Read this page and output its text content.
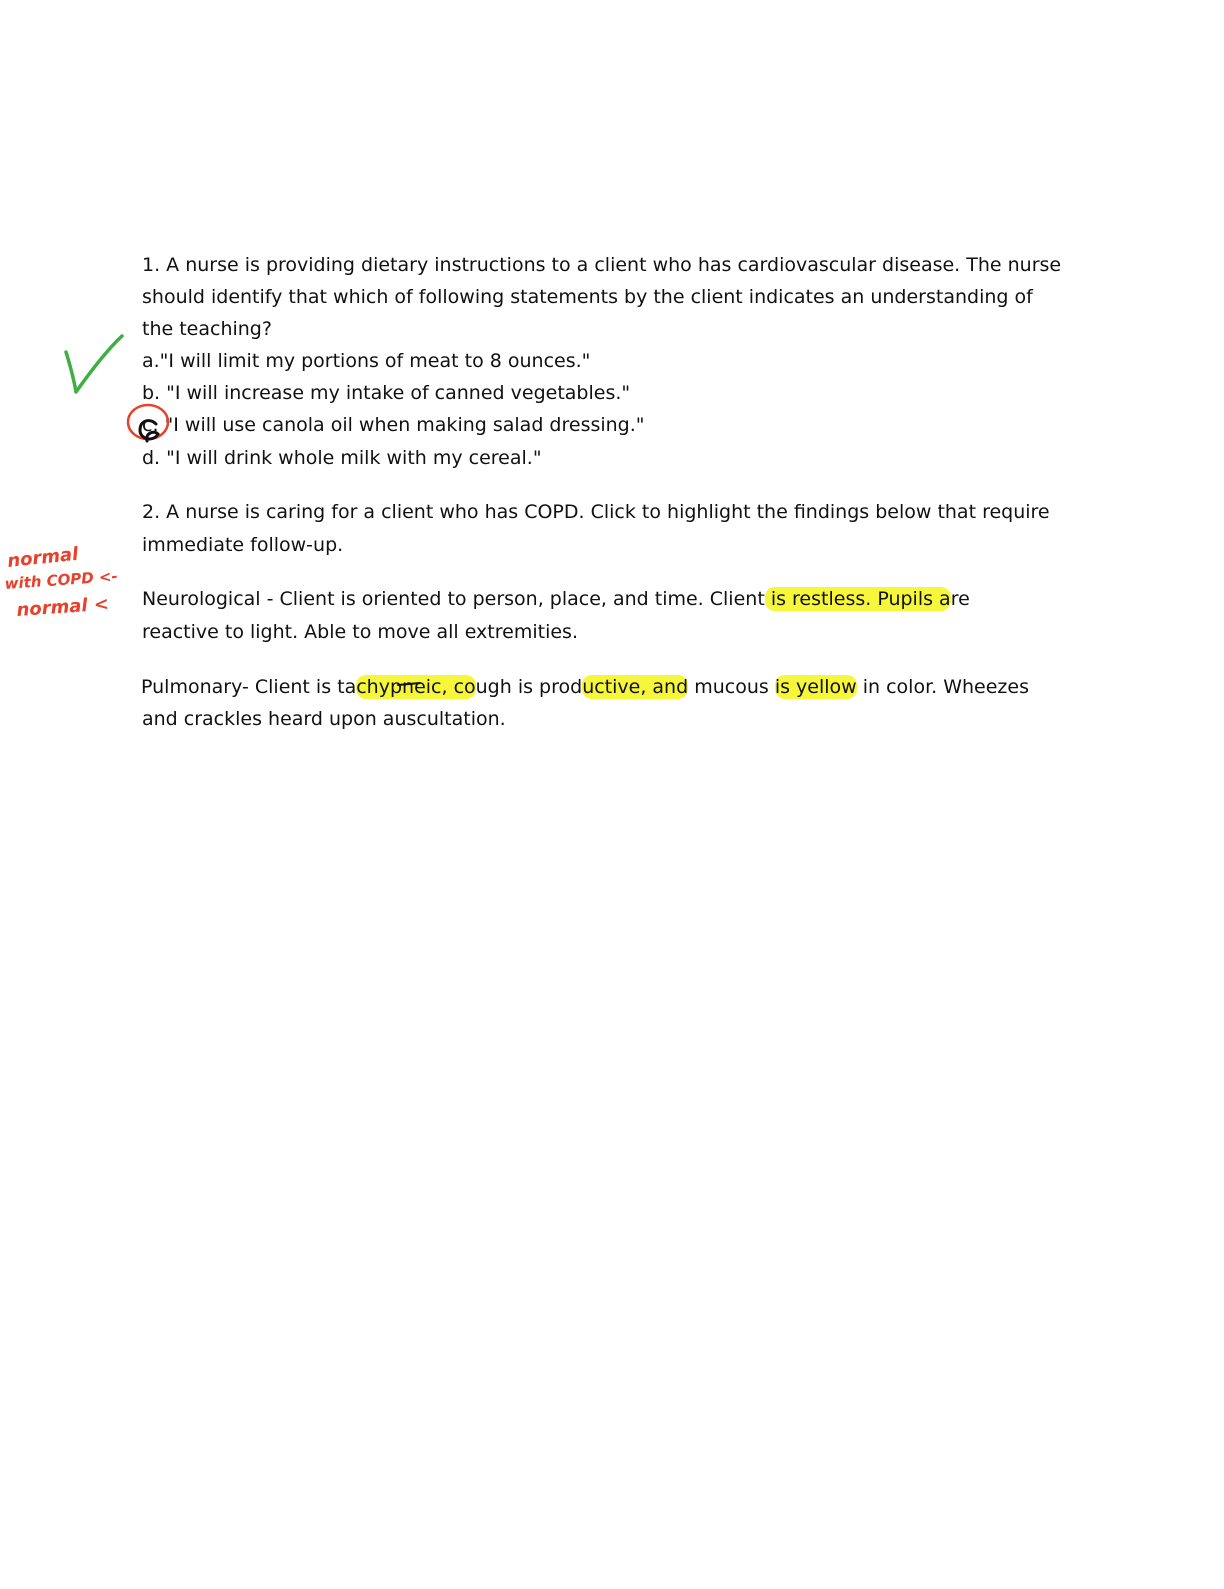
1. A nurse is providing dietary instructions to a client who has cardiovascular disease. The nurse
should identify that which of following statements by the client indicates an understanding of
the teaching?
a."I will limit my portions of meat to 8 ounces."
b. "I will increase my intake of canned vegetables."
c. "I will use canola oil when making salad dressing."
d. "I will drink whole milk with my cereal."
2. A nurse is caring for a client who has COPD. Click to highlight the findings below that require
immediate follow-up.
Neurological - Client is oriented to person, place, and time. Client is restless. Pupils are
reactive to light. Able to move all extremities.
Pulmonary- Client is tachypneic, cough is productive, and mucous is yellow in color. Wheezes
and crackles heard upon auscultation.
normal
with COPD <-
normal <
